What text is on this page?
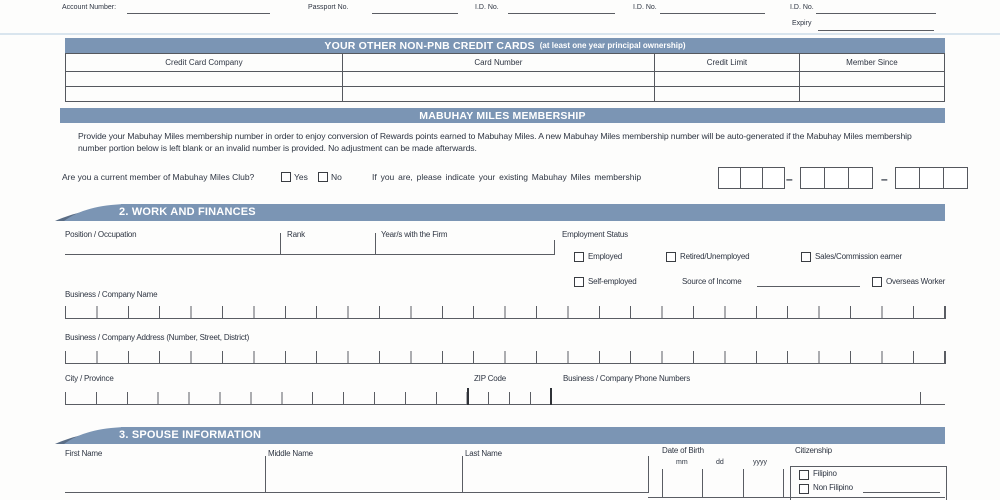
Account Number:	Passport No.	I.D. No.	I.D. No.	I.D. No.
Expiry
YOUR OTHER NON-PNB CREDIT CARDS (at least one year principal ownership)
Credit Card Company	Card Number	Credit Limit	Member Since

MABUHAY MILES MEMBERSHIP
Provide your Mabuhay Miles membership number in order to enjoy conversion of Rewards points earned to Mabuhay Miles. A new Mabuhay Miles membership number will be auto-generated if the Mabuhay Miles membership number portion below is left blank or an invalid number is provided. No adjustment can be made afterwards.
Are you a current member of Mabuhay Miles Club?	Yes	No	If you are, please indicate your existing Mabuhay Miles membership	–	–
2. WORK AND FINANCES
Position / Occupation	Rank	Year/s with the Firm	Employment Status
Employed	Retired/Unemployed	Sales/Commission earner
Self-employed	Source of Income	Overseas Worker
Business / Company Name
Business / Company Address (Number, Street, District)
City / Province	ZIP Code	Business / Company Phone Numbers
3. SPOUSE INFORMATION
First Name	Middle Name	Last Name	Date of Birth
mm	dd	yyyy
Citizenship
Filipino
Non Filipino
